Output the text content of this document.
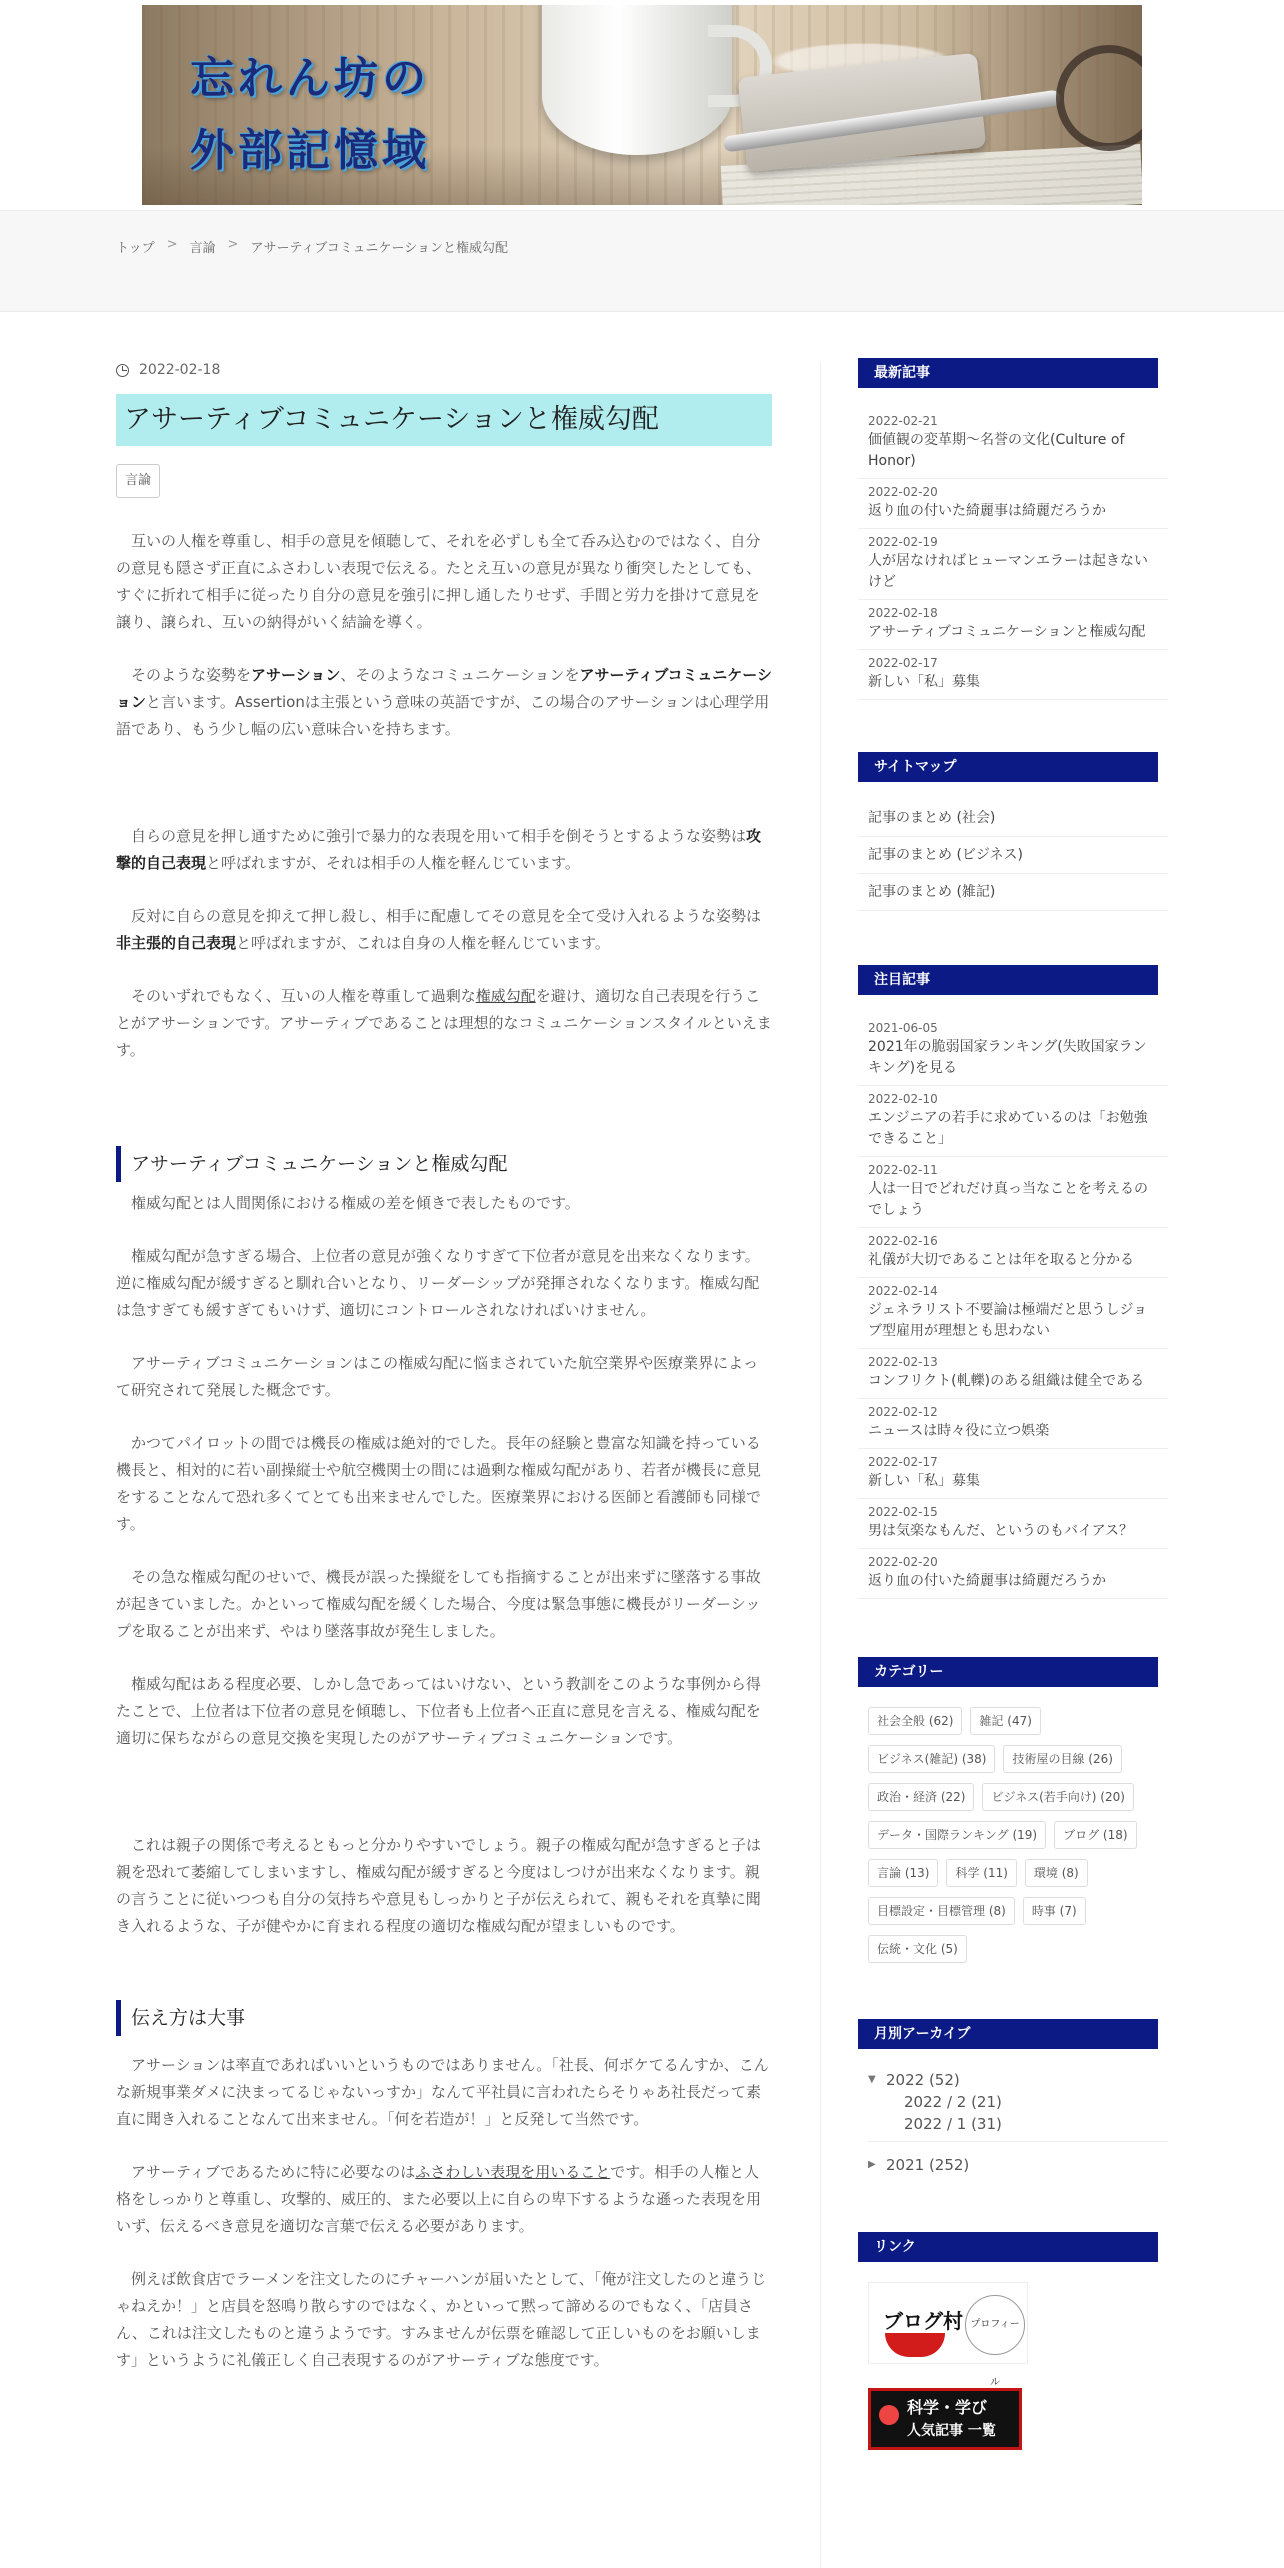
忘れん坊の
外部記憶域
トップ > 言論 > アサーティブコミュニケーションと権威勾配
2022-02-18
アサーティブコミュニケーションと権威勾配
言論

互いの人権を尊重し、相手の意見を傾聴して、それを必ずしも全て呑み込むのではなく、自分の意見も隠さず正直にふさわしい表現で伝える。たとえ互いの意見が異なり衝突したとしても、すぐに折れて相手に従ったり自分の意見を強引に押し通したりせず、手間と労力を掛けて意見を譲り、譲られ、互いの納得がいく結論を導く。

そのような姿勢をアサーション、そのようなコミュニケーションをアサーティブコミュニケーションと言います。Assertionは主張という意味の英語ですが、この場合のアサーションは心理学用語であり、もう少し幅の広い意味合いを持ちます。

自らの意見を押し通すために強引で暴力的な表現を用いて相手を倒そうとするような姿勢は攻撃的自己表現と呼ばれますが、それは相手の人権を軽んじています。

反対に自らの意見を抑えて押し殺し、相手に配慮してその意見を全て受け入れるような姿勢は非主張的自己表現と呼ばれますが、これは自身の人権を軽んじています。

そのいずれでもなく、互いの人権を尊重して過剰な権威勾配を避け、適切な自己表現を行うことがアサーションです。アサーティブであることは理想的なコミュニケーションスタイルといえます。

アサーティブコミュニケーションと権威勾配

権威勾配とは人間関係における権威の差を傾きで表したものです。

権威勾配が急すぎる場合、上位者の意見が強くなりすぎて下位者が意見を出来なくなります。逆に権威勾配が緩すぎると馴れ合いとなり、リーダーシップが発揮されなくなります。権威勾配は急すぎても緩すぎてもいけず、適切にコントロールされなければいけません。

アサーティブコミュニケーションはこの権威勾配に悩まされていた航空業界や医療業界によって研究されて発展した概念です。

かつてパイロットの間では機長の権威は絶対的でした。長年の経験と豊富な知識を持っている機長と、相対的に若い副操縦士や航空機関士の間には過剰な権威勾配があり、若者が機長に意見をすることなんて恐れ多くてとても出来ませんでした。医療業界における医師と看護師も同様です。

その急な権威勾配のせいで、機長が誤った操縦をしても指摘することが出来ずに墜落する事故が起きていました。かといって権威勾配を緩くした場合、今度は緊急事態に機長がリーダーシップを取ることが出来ず、やはり墜落事故が発生しました。

権威勾配はある程度必要、しかし急であってはいけない、という教訓をこのような事例から得たことで、上位者は下位者の意見を傾聴し、下位者も上位者へ正直に意見を言える、権威勾配を適切に保ちながらの意見交換を実現したのがアサーティブコミュニケーションです。

これは親子の関係で考えるともっと分かりやすいでしょう。親子の権威勾配が急すぎると子は親を恐れて萎縮してしまいますし、権威勾配が緩すぎると今度はしつけが出来なくなります。親の言うことに従いつつも自分の気持ちや意見もしっかりと子が伝えられて、親もそれを真摯に聞き入れるような、子が健やかに育まれる程度の適切な権威勾配が望ましいものです。

伝え方は大事

アサーションは率直であればいいというものではありません。「社長、何ボケてるんすか、こんな新規事業ダメに決まってるじゃないっすか」なんて平社員に言われたらそりゃあ社長だって素直に聞き入れることなんて出来ません。「何を若造が！」と反発して当然です。

アサーティブであるために特に必要なのはふさわしい表現を用いることです。相手の人権と人格をしっかりと尊重し、攻撃的、威圧的、また必要以上に自らの卑下するような遜った表現を用いず、伝えるべき意見を適切な言葉で伝える必要があります。

例えば飲食店でラーメンを注文したのにチャーハンが届いたとして、「俺が注文したのと違うじゃねえか！」と店員を怒鳴り散らすのではなく、かといって黙って諦めるのでもなく、「店員さん、これは注文したものと違うようです。すみませんが伝票を確認して正しいものをお願いします」というように礼儀正しく自己表現するのがアサーティブな態度です。

最新記事
2022-02-21
価値観の変革期～名誉の文化(Culture of Honor)
2022-02-20
返り血の付いた綺麗事は綺麗だろうか
2022-02-19
人が居なければヒューマンエラーは起きないけど
2022-02-18
アサーティブコミュニケーションと権威勾配
2022-02-17
新しい「私」募集
サイトマップ
記事のまとめ (社会)
記事のまとめ (ビジネス)
記事のまとめ (雑記)
注目記事
2021-06-05
2021年の脆弱国家ランキング(失敗国家ランキング)を見る
2022-02-10
エンジニアの若手に求めているのは「お勉強できること」
2022-02-11
人は一日でどれだけ真っ当なことを考えるのでしょう
2022-02-16
礼儀が大切であることは年を取ると分かる
2022-02-14
ジェネラリスト不要論は極端だと思うしジョブ型雇用が理想とも思わない
2022-02-13
コンフリクト(軋轢)のある組織は健全である
2022-02-12
ニュースは時々役に立つ娯楽
2022-02-17
新しい「私」募集
2022-02-15
男は気楽なもんだ、というのもバイアス？
2022-02-20
返り血の付いた綺麗事は綺麗だろうか
カテゴリー
社会全般 (62)	雑記 (47)
ビジネス(雑記) (38)	技術屋の目線 (26)
政治・経済 (22)	ビジネス(若手向け) (20)
データ・国際ランキング (19)	ブログ (18)
言論 (13)	科学 (11)	環境 (8)
目標設定・目標管理 (8)	時事 (7)
伝統・文化 (5)
月別アーカイブ
▼ 2022 (52)
2022 / 2 (21)
2022 / 1 (31)
▶ 2021 (252)
リンク
ブログ村 プロフィール
科学・学び
人気記事 一覧
